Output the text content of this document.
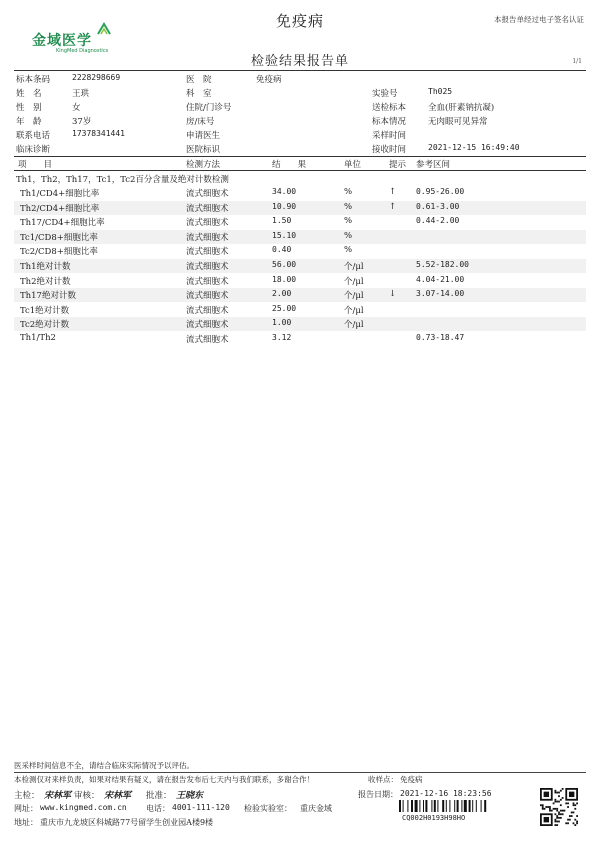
免疫病	本报告单经过电子签名认证
金域医学
KingMed Diagnostics
检验结果报告单	1/1
标本条码	2228298669
姓　名	王珙
性　别	女
年　龄	37岁
联系电话	17378341441
临床诊断
医　院	免疫病
科　室
住院/门诊号
房/床号
申请医生
医院标识
实验号	Th025
送检标本	全血(肝素钠抗凝)
标本情况	无肉眼可见异常
采样时间
接收时间	2021-12-15 16:49:40
项　　目	检测方法	结　　果	单位	提示 参考区间
Th1，Th2，Th17，Tc1，Tc2百分含量及绝对计数检测
Th1/CD4+细胞比率	流式细胞术	34.00	%	↑ 0.95-26.00
Th2/CD4+细胞比率	流式细胞术	10.90	%	↑ 0.61-3.00
Th17/CD4+细胞比率	流式细胞术	1.50	%	0.44-2.00
Tc1/CD8+细胞比率	流式细胞术	15.10	%
Tc2/CD8+细胞比率	流式细胞术	0.40	%
Th1绝对计数	流式细胞术	56.00	个/μl	5.52-182.00
Th2绝对计数	流式细胞术	18.00	个/μl	4.04-21.00
Th17绝对计数	流式细胞术	2.00	个/μl	↓ 3.07-14.00
Tc1绝对计数	流式细胞术	25.00	个/μl
Tc2绝对计数	流式细胞术	1.00	个/μl
Th1/Th2	流式细胞术	3.12	0.73-18.47
医采样时间信息不全，请结合临床实际情况予以评估。
本检测仅对来样负责，如果对结果有疑义，请在报告发布后七天内与我们联系，多谢合作！	收样点： 免疫病
主检： 宋林军 审核： 宋林军 批准： 王晓东	报告日期： 2021-12-16 18:23:56
网址： www.kingmed.com.cn 电话： 4001-111-120 检验实验室： 重庆金域
地址： 重庆市九龙坡区科城路77号留学生创业园A楼9楼	CQ002H0193H98HO
